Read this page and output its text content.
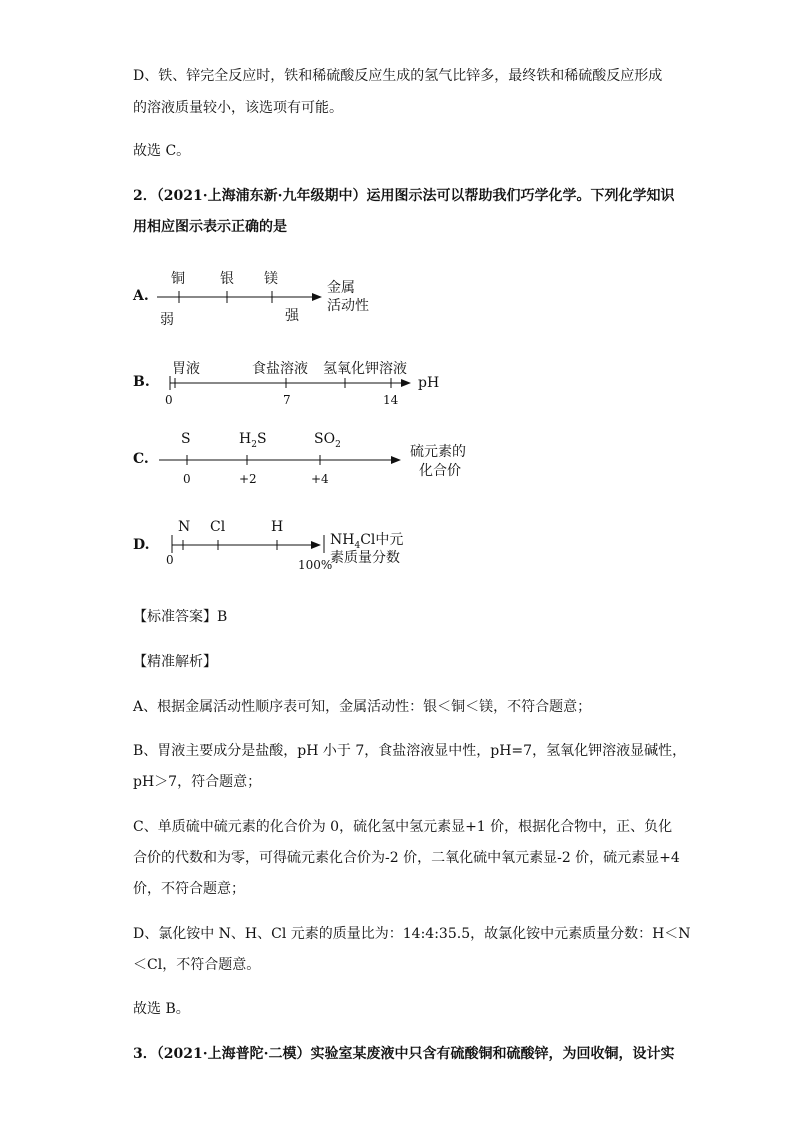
D、铁、锌完全反应时，铁和稀硫酸反应生成的氢气比锌多，最终铁和稀硫酸反应形成
的溶液质量较小，该选项有可能。
故选 C。
2．（2021·上海浦东新·九年级期中）运用图示法可以帮助我们巧学化学。下列化学知识
用相应图示表示正确的是
A.
铜	银 镁
弱	强
金属
活动性
B.
胃液	食盐溶液 氢氧化钾溶液
0	7	14
pH
C.
S	$H_2S$	$SO_2$
0	+2	+4
硫元素的
化合价
D.
N Cl	H
0	100%
$NH_4Cl$中元
素质量分数
【标准答案】B
【精准解析】
A、根据金属活动性顺序表可知，金属活动性：银＜铜＜镁，不符合题意；
B、胃液主要成分是盐酸，pH 小于 7，食盐溶液显中性，pH=7，氢氧化钾溶液显碱性，
pH＞7，符合题意；
C、单质硫中硫元素的化合价为 0，硫化氢中氢元素显+1 价，根据化合物中，正、负化
合价的代数和为零，可得硫元素化合价为-2 价，二氧化硫中氧元素显-2 价，硫元素显+4
价，不符合题意；
D、氯化铵中 N、H、Cl 元素的质量比为：14:4:35.5，故氯化铵中元素质量分数：H＜N
＜Cl，不符合题意。
故选 B。
3．（2021·上海普陀·二模）实验室某废液中只含有硫酸铜和硫酸锌，为回收铜，设计实
